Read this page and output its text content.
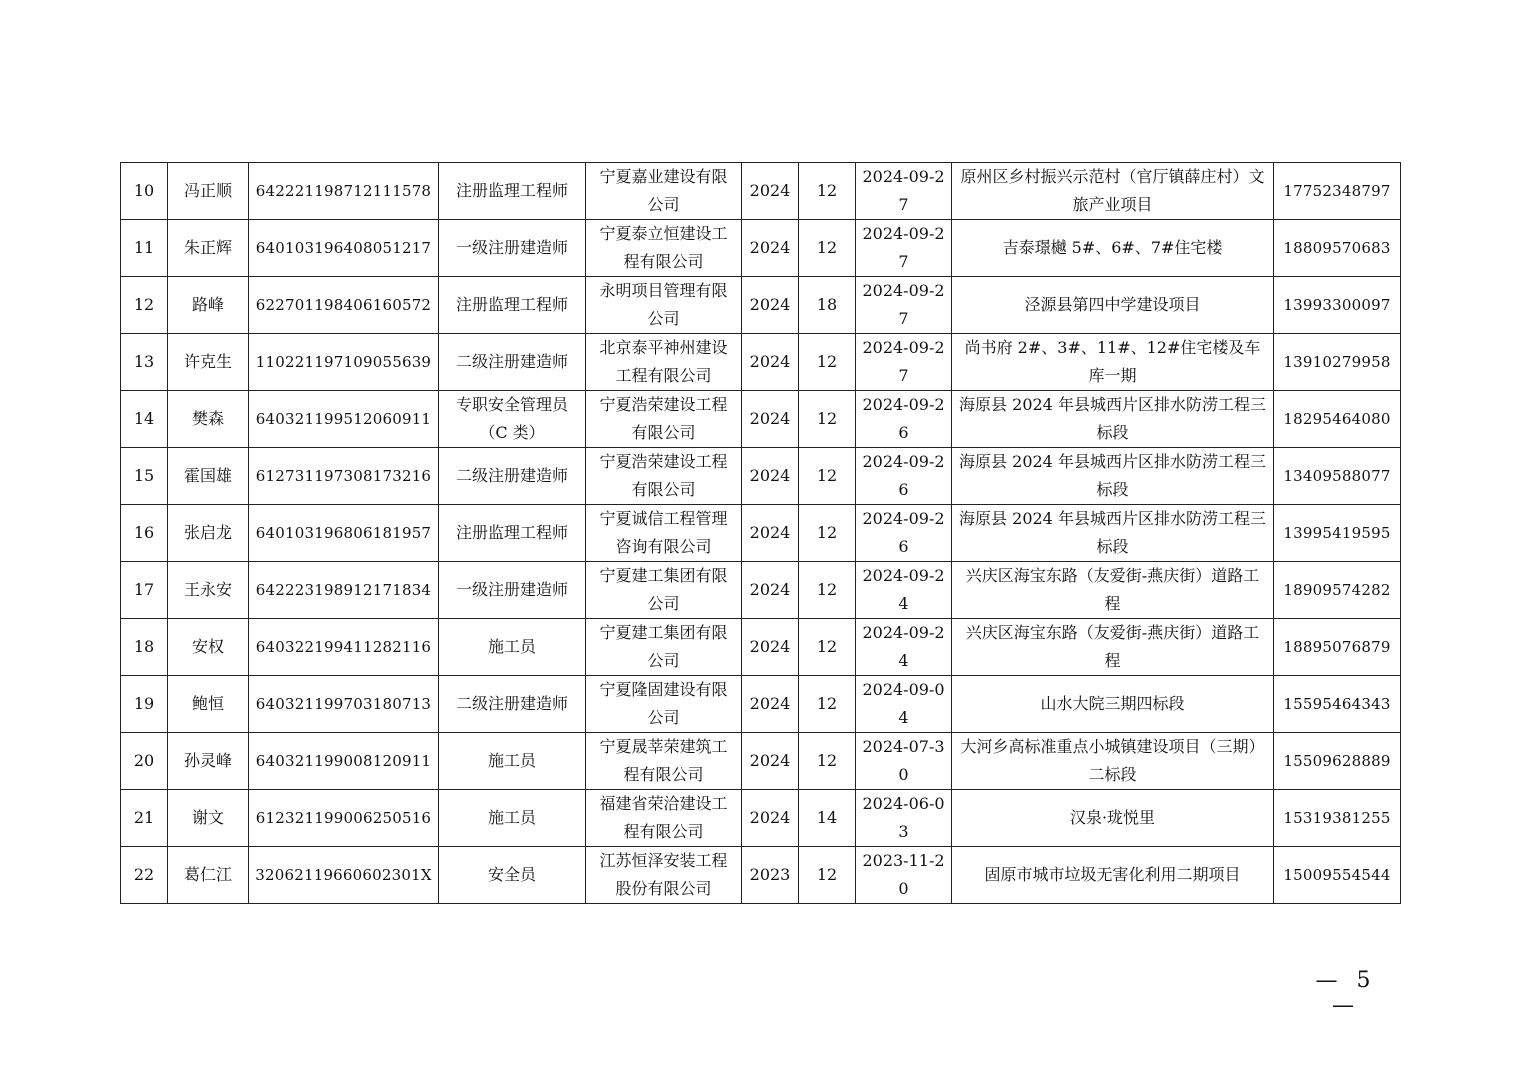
10	冯正顺	642221198712111578	注册监理工程师	宁夏嘉业建设有限公司	2024	12	2024-09-27	原州区乡村振兴示范村（官厅镇薛庄村）文旅产业项目	17752348797
11	朱正辉	640103196408051217	一级注册建造师	宁夏泰立恒建设工程有限公司	2024	12	2024-09-27	吉泰璟樾 5#、6#、7#住宅楼	18809570683
12	路峰	622701198406160572	注册监理工程师	永明项目管理有限公司	2024	18	2024-09-27	泾源县第四中学建设项目	13993300097
13	许克生	110221197109055639	二级注册建造师	北京泰平神州建设工程有限公司	2024	12	2024-09-27	尚书府 2#、3#、11#、12#住宅楼及车库一期	13910279958
14	樊森	640321199512060911	专职安全管理员（C 类）	宁夏浩荣建设工程有限公司	2024	12	2024-09-26	海原县 2024 年县城西片区排水防涝工程三标段	18295464080
15	霍国雄	612731197308173216	二级注册建造师	宁夏浩荣建设工程有限公司	2024	12	2024-09-26	海原县 2024 年县城西片区排水防涝工程三标段	13409588077
16	张启龙	640103196806181957	注册监理工程师	宁夏诚信工程管理咨询有限公司	2024	12	2024-09-26	海原县 2024 年县城西片区排水防涝工程三标段	13995419595
17	王永安	642223198912171834	一级注册建造师	宁夏建工集团有限公司	2024	12	2024-09-24	兴庆区海宝东路（友爱街-燕庆街）道路工程	18909574282
18	安权	640322199411282116	施工员	宁夏建工集团有限公司	2024	12	2024-09-24	兴庆区海宝东路（友爱街-燕庆街）道路工程	18895076879
19	鲍恒	640321199703180713	二级注册建造师	宁夏隆固建设有限公司	2024	12	2024-09-04	山水大院三期四标段	15595464343
20	孙灵峰	640321199008120911	施工员	宁夏晟莘荣建筑工程有限公司	2024	12	2024-07-30	大河乡高标准重点小城镇建设项目（三期）二标段	15509628889
21	谢文	612321199006250516	施工员	福建省荣洽建设工程有限公司	2024	14	2024-06-03	汉泉·珑悦里	15319381255
22	葛仁江	32062119660602301X	安全员	江苏恒泽安装工程股份有限公司	2023	12	2023-11-20	固原市城市垃圾无害化利用二期项目	15009554544
— 5 —
